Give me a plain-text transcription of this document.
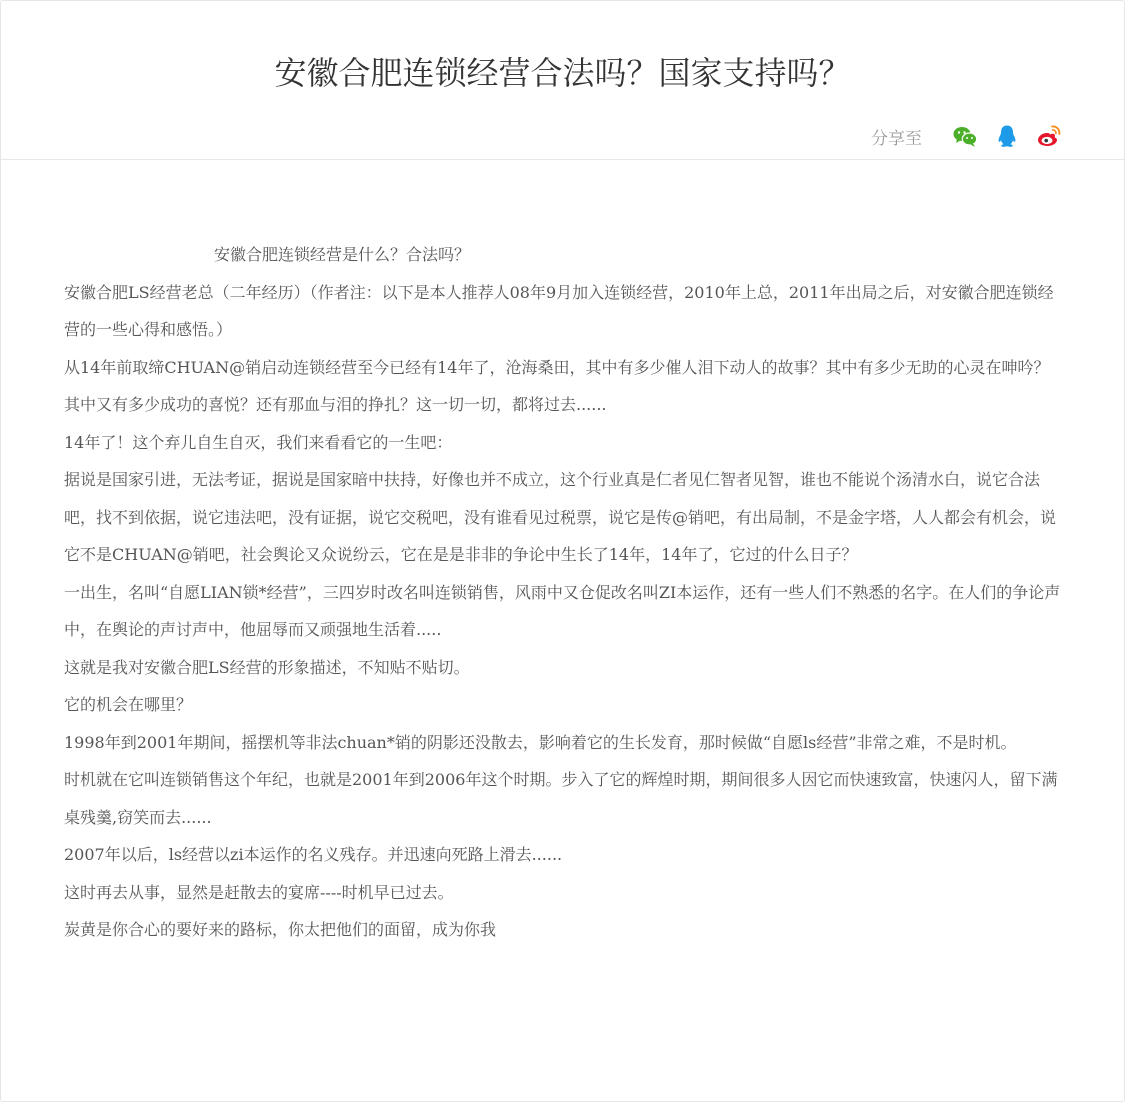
安徽合肥连锁经营合法吗？国家支持吗？
分享至

安徽合肥连锁经营是什么？合法吗？

安徽合肥LS经营老总（二年经历）（作者注：以下是本人推荐人08年9月加入连锁经营，2010年上总，2011年出局之后，对安徽合肥连锁经营的一些心得和感悟。）

从14年前取缔CHUAN@销启动连锁经营至今已经有14年了，沧海桑田，其中有多少催人泪下动人的故事？其中有多少无助的心灵在呻吟？其中又有多少成功的喜悦？还有那血与泪的挣扎？这一切一切，都将过去......

14年了！这个弃儿自生自灭，我们来看看它的一生吧：

据说是国家引进，无法考证，据说是国家暗中扶持，好像也并不成立，这个行业真是仁者见仁智者见智，谁也不能说个汤清水白，说它合法吧，找不到依据，说它违法吧，没有证据，说它交税吧，没有谁看见过税票，说它是传@销吧，有出局制，不是金字塔，人人都会有机会，说它不是CHUAN@销吧，社会舆论又众说纷云，它在是是非非的争论中生长了14年，14年了，它过的什么日子？

一出生，名叫“自愿LIAN锁*经营”，三四岁时改名叫连锁销售，风雨中又仓促改名叫ZI本运作，还有一些人们不熟悉的名字。在人们的争论声中，在舆论的声讨声中，他屈辱而又顽强地生活着.....

这就是我对安徽合肥LS经营的形象描述，不知贴不贴切。

它的机会在哪里？

1998年到2001年期间，摇摆机等非法chuan*销的阴影还没散去，影响着它的生长发育，那时候做“自愿ls经营”非常之难，不是时机。

时机就在它叫连锁销售这个年纪，也就是2001年到2006年这个时期。步入了它的辉煌时期，期间很多人因它而快速致富，快速闪人，留下满桌残羹,窃笑而去......

2007年以后，ls经营以zi本运作的名义残存。并迅速向死路上滑去......

这时再去从事，显然是赶散去的宴席----时机早已过去。

炭黄是你合心的要好来的路标，你太把他们的面留，成为你我
